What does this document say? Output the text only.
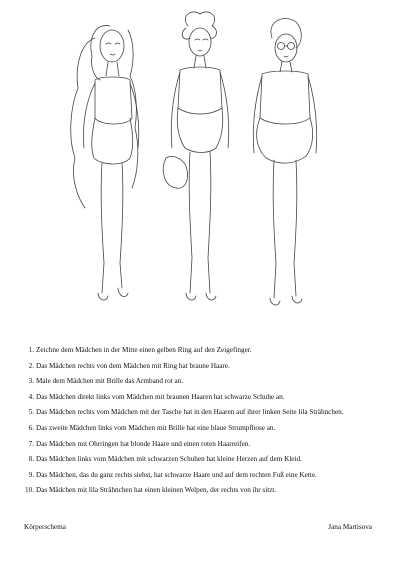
1. Zeichne dem Mädchen in der Mitte einen gelben Ring auf den Zeigefinger.
2. Das Mädchen rechts von dem Mädchen mit Ring hat braune Haare.
3. Male dem Mädchen mit Brille das Armband rot an.
4. Das Mädchen direkt links vom Mädchen mit braunen Haaren hat schwarze Schuhe an.
5. Das Mädchen rechts vom Mädchen mit der Tasche hat in den Haaren auf ihrer linken Seite lila Strähnchen.
6. Das zweite Mädchen links vom Mädchen mit Brille hat eine blaue Strumpfhose an.
7. Das Mädchen mit Ohrringen hat blonde Haare und einen roten Haarreifen.
8. Das Mädchen links vom Mädchen mit schwarzen Schuhen hat kleine Herzen auf dem Kleid.
9. Das Mädchen, das du ganz rechts siehst, hat schwarze Haare und auf dem rechten Fuß eine Kette.
10. Das Mädchen mit lila Strähnchen hat einen kleinen Welpen, der rechts von ihr sitzt.
Körperschema	Jana Martisova
